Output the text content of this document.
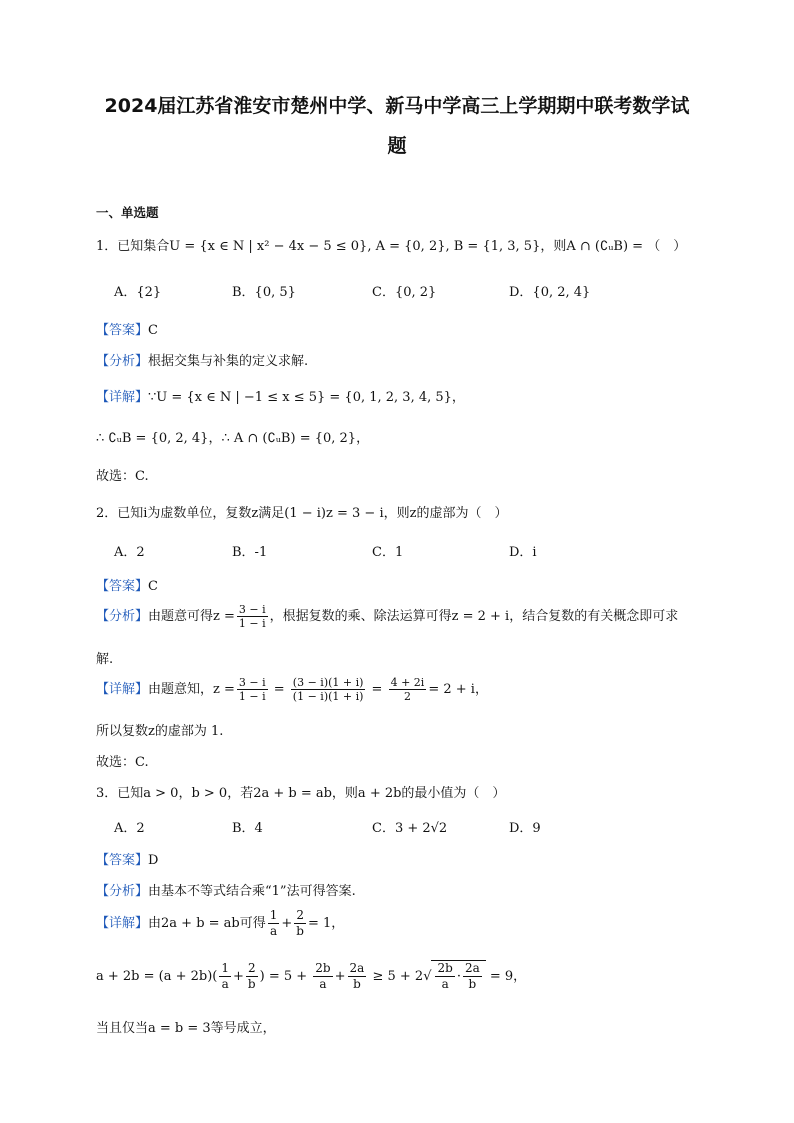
2024届江苏省淮安市楚州中学、新马中学高三上学期期中联考数学试
题
一、单选题
1．已知集合U = {x ∈ N | x² − 4x − 5 ≤ 0}, A = {0, 2}, B = {1, 3, 5}，则A ∩ (∁ᵤB) = （　）
A．{2}	B．{0, 5}	C．{0, 2}	D．{0, 2, 4}
【答案】C
【分析】根据交集与补集的定义求解.
【详解】∵U = {x ∈ N | −1 ≤ x ≤ 5} = {0, 1, 2, 3, 4, 5}，
∴ ∁ᵤB = {0, 2, 4}，∴ A ∩ (∁ᵤB) = {0, 2}，
故选：C.
2．已知i为虚数单位，复数z满足(1 − i)z = 3 − i，则z的虚部为（　）
A．2	B．-1	C．1	D．i
【答案】C
【分析】由题意可得$z = \frac{3 - i}{1 - i}$ ，根据复数的乘、除法运算可得z = 2 + i，结合复数的有关概念即可求
解.
【详解】由题意知，$z = \frac{3 - i}{1 - i} = \frac{(3 - i)(1 + i)}{(1 - i)(1 + i)} = \frac{4 + 2i}{2} = 2 + i$，
所以复数z的虚部为 1.
故选：C.
3．已知a > 0，b > 0，若2a + b = ab，则a + 2b的最小值为（　）
A．2	B．4	C．3 + 2√2	D．9
【答案】D
【分析】由基本不等式结合乘“1”法可得答案.
【详解】由2a + b = ab可得 $\frac{1}{a} + \frac{2}{b} = 1$，
$a + 2b = (a + 2b)( \frac{1}{a} + \frac{2}{b}$ ) = $5 + \frac{2b}{a} + \frac{2a}{b} \ge 5 + 2√ \frac{2b}{a} \cdot \frac{2a}{b} = 9$，
当且仅当a = b = 3等号成立，
